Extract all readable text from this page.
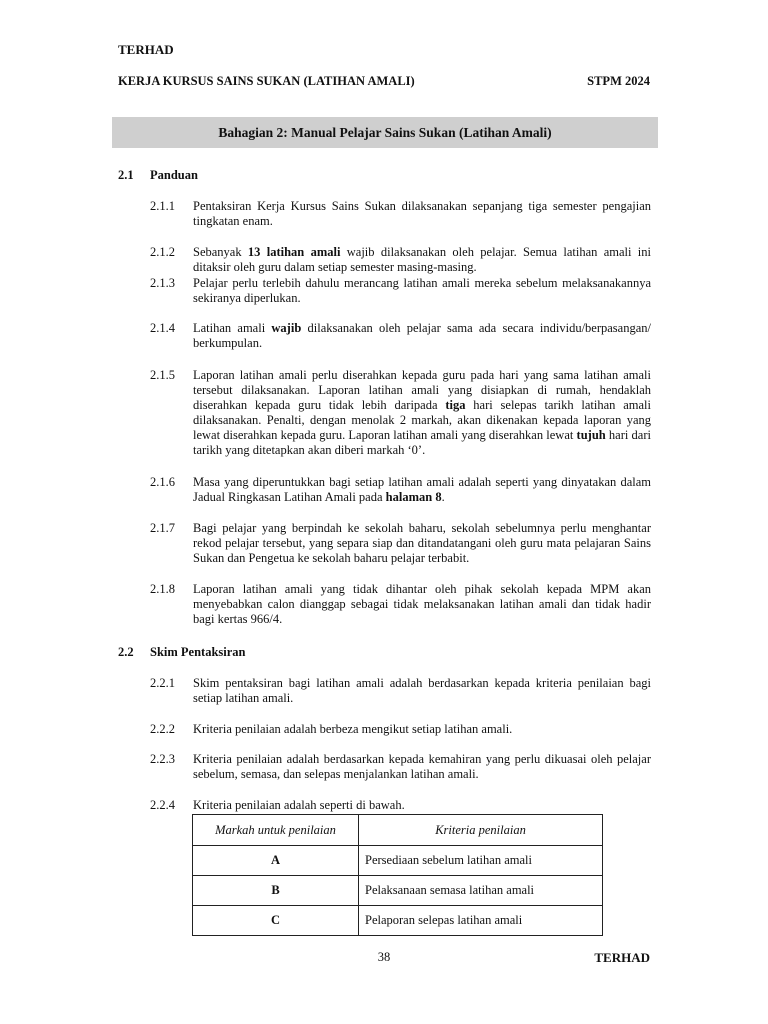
TERHAD
KERJA KURSUS SAINS SUKAN (LATIHAN AMALI)	STPM 2024
Bahagian 2: Manual Pelajar Sains Sukan (Latihan Amali)
2.1 Panduan
2.1.1 Pentaksiran Kerja Kursus Sains Sukan dilaksanakan sepanjang tiga semester pengajian tingkatan enam.
2.1.2 Sebanyak 13 latihan amali wajib dilaksanakan oleh pelajar. Semua latihan amali ini ditaksir oleh guru dalam setiap semester masing-masing.
2.1.3 Pelajar perlu terlebih dahulu merancang latihan amali mereka sebelum melaksanakannya sekiranya diperlukan.
2.1.4 Latihan amali wajib dilaksanakan oleh pelajar sama ada secara individu/berpasangan/ berkumpulan.
2.1.5 Laporan latihan amali perlu diserahkan kepada guru pada hari yang sama latihan amali tersebut dilaksanakan. Laporan latihan amali yang disiapkan di rumah, hendaklah diserahkan kepada guru tidak lebih daripada tiga hari selepas tarikh latihan amali dilaksanakan. Penalti, dengan menolak 2 markah, akan dikenakan kepada laporan yang lewat diserahkan kepada guru. Laporan latihan amali yang diserahkan lewat tujuh hari dari tarikh yang ditetapkan akan diberi markah ‘0’.
2.1.6 Masa yang diperuntukkan bagi setiap latihan amali adalah seperti yang dinyatakan dalam Jadual Ringkasan Latihan Amali pada halaman 8.
2.1.7 Bagi pelajar yang berpindah ke sekolah baharu, sekolah sebelumnya perlu menghantar rekod pelajar tersebut, yang separa siap dan ditandatangani oleh guru mata pelajaran Sains Sukan dan Pengetua ke sekolah baharu pelajar terbabit.
2.1.8 Laporan latihan amali yang tidak dihantar oleh pihak sekolah kepada MPM akan menyebabkan calon dianggap sebagai tidak melaksanakan latihan amali dan tidak hadir bagi kertas 966/4.
2.2 Skim Pentaksiran
2.2.1 Skim pentaksiran bagi latihan amali adalah berdasarkan kepada kriteria penilaian bagi setiap latihan amali.
2.2.2 Kriteria penilaian adalah berbeza mengikut setiap latihan amali.
2.2.3 Kriteria penilaian adalah berdasarkan kepada kemahiran yang perlu dikuasai oleh pelajar sebelum, semasa, dan selepas menjalankan latihan amali.
2.2.4 Kriteria penilaian adalah seperti di bawah.
Markah untuk penilaian	Kriteria penilaian
A	Persediaan sebelum latihan amali
B	Pelaksanaan semasa latihan amali
C	Pelaporan selepas latihan amali
38	TERHAD
